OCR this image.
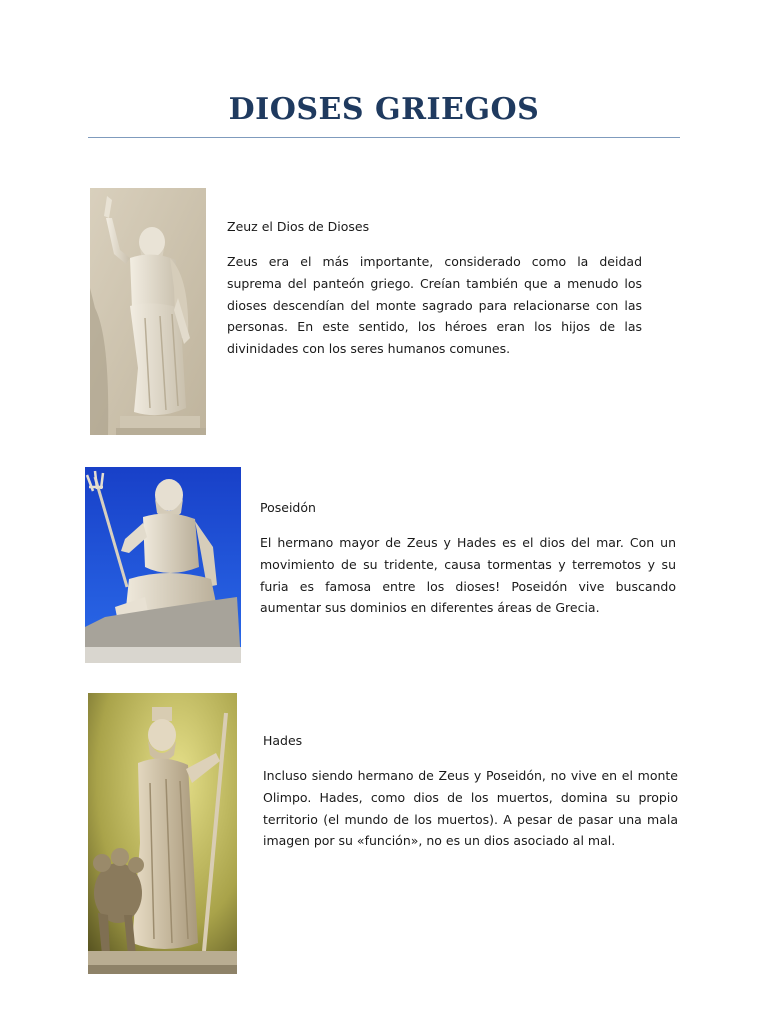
DIOSES GRIEGOS

Zeuz el Dios de Dioses

Zeus era el más importante, considerado como la deidad suprema del panteón griego. Creían también que a menudo los dioses descendían del monte sagrado para relacionarse con las personas. En este sentido, los héroes eran los hijos de las divinidades con los seres humanos comunes.

Poseidón

El hermano mayor de Zeus y Hades es el dios del mar. Con un movimiento de su tridente, causa tormentas y terremotos y su furia es famosa entre los dioses! Poseidón vive buscando aumentar sus dominios en diferentes áreas de Grecia.

Hades

Incluso siendo hermano de Zeus y Poseidón, no vive en el monte Olimpo. Hades, como dios de los muertos, domina su propio territorio (el mundo de los muertos). A pesar de pasar una mala imagen por su «función», no es un dios asociado al mal.
